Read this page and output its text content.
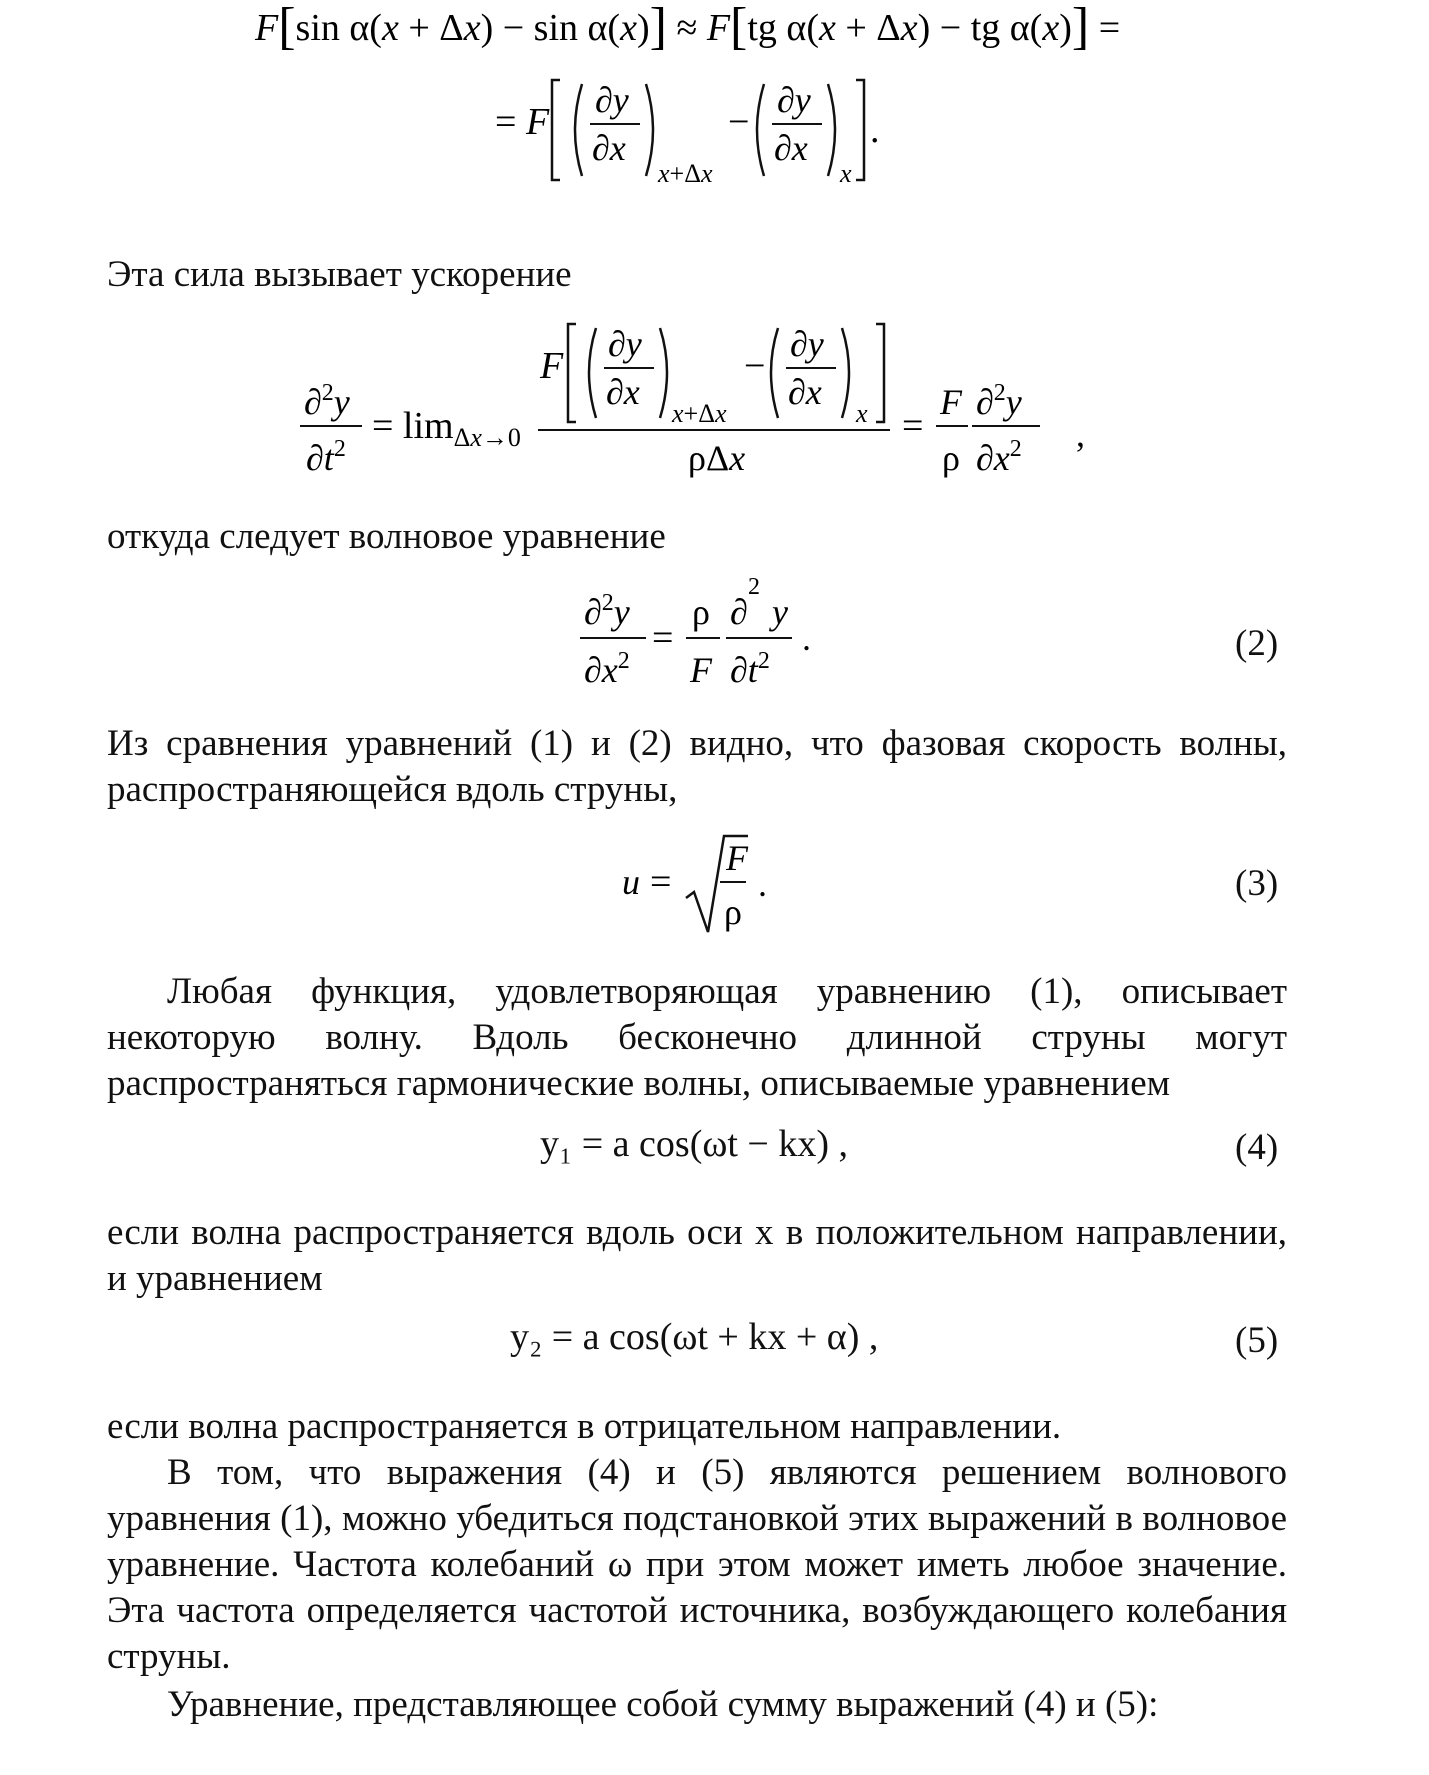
F[sin α(x + Δx) − sin α(x)] ≈ F[tg α(x + Δx) − tg α(x)] =
= F
∂y
∂x
x+Δx
−
∂y
∂x
x
.

Эта сила вызывает ускорение

∂$^2$y
$\partial t^2$
= $\lim_{\Delta x\to 0}$
F
∂y
∂x
x+Δx
−
∂y
∂x
x
ρΔx
=
F
ρ
∂$^2$y
$\partial x^2$ ,

откуда следует волновое уравнение

∂$^2$y
$\partial x^2$
=
ρ
F
∂
2
y
$\partial t^2$
.	(2)

Из сравнения уравнений (1) и (2) видно, что фазовая скорость волны, распространяющейся вдоль струны,

u =
F
ρ
.	(3)

Любая функция, удовлетворяющая уравнению (1), описывает некоторую волну. Вдоль бесконечно длинной струны могут распространяться гармонические волны, описываемые уравнением

y₁ = a cos(ωt − kx) ,	(4)

если волна распространяется вдоль оси x в положительном направлении, и уравнением

y₂ = a cos(ωt + kx + α) ,	(5)

если волна распространяется в отрицательном направлении.

В том, что выражения (4) и (5) являются решением волнового уравнения (1), можно убедиться подстановкой этих выражений в волновое уравнение. Частота колебаний ω при этом может иметь любое значение. Эта частота определяется частотой источника, возбуждающего колебания струны.

Уравнение, представляющее собой сумму выражений (4) и (5):
